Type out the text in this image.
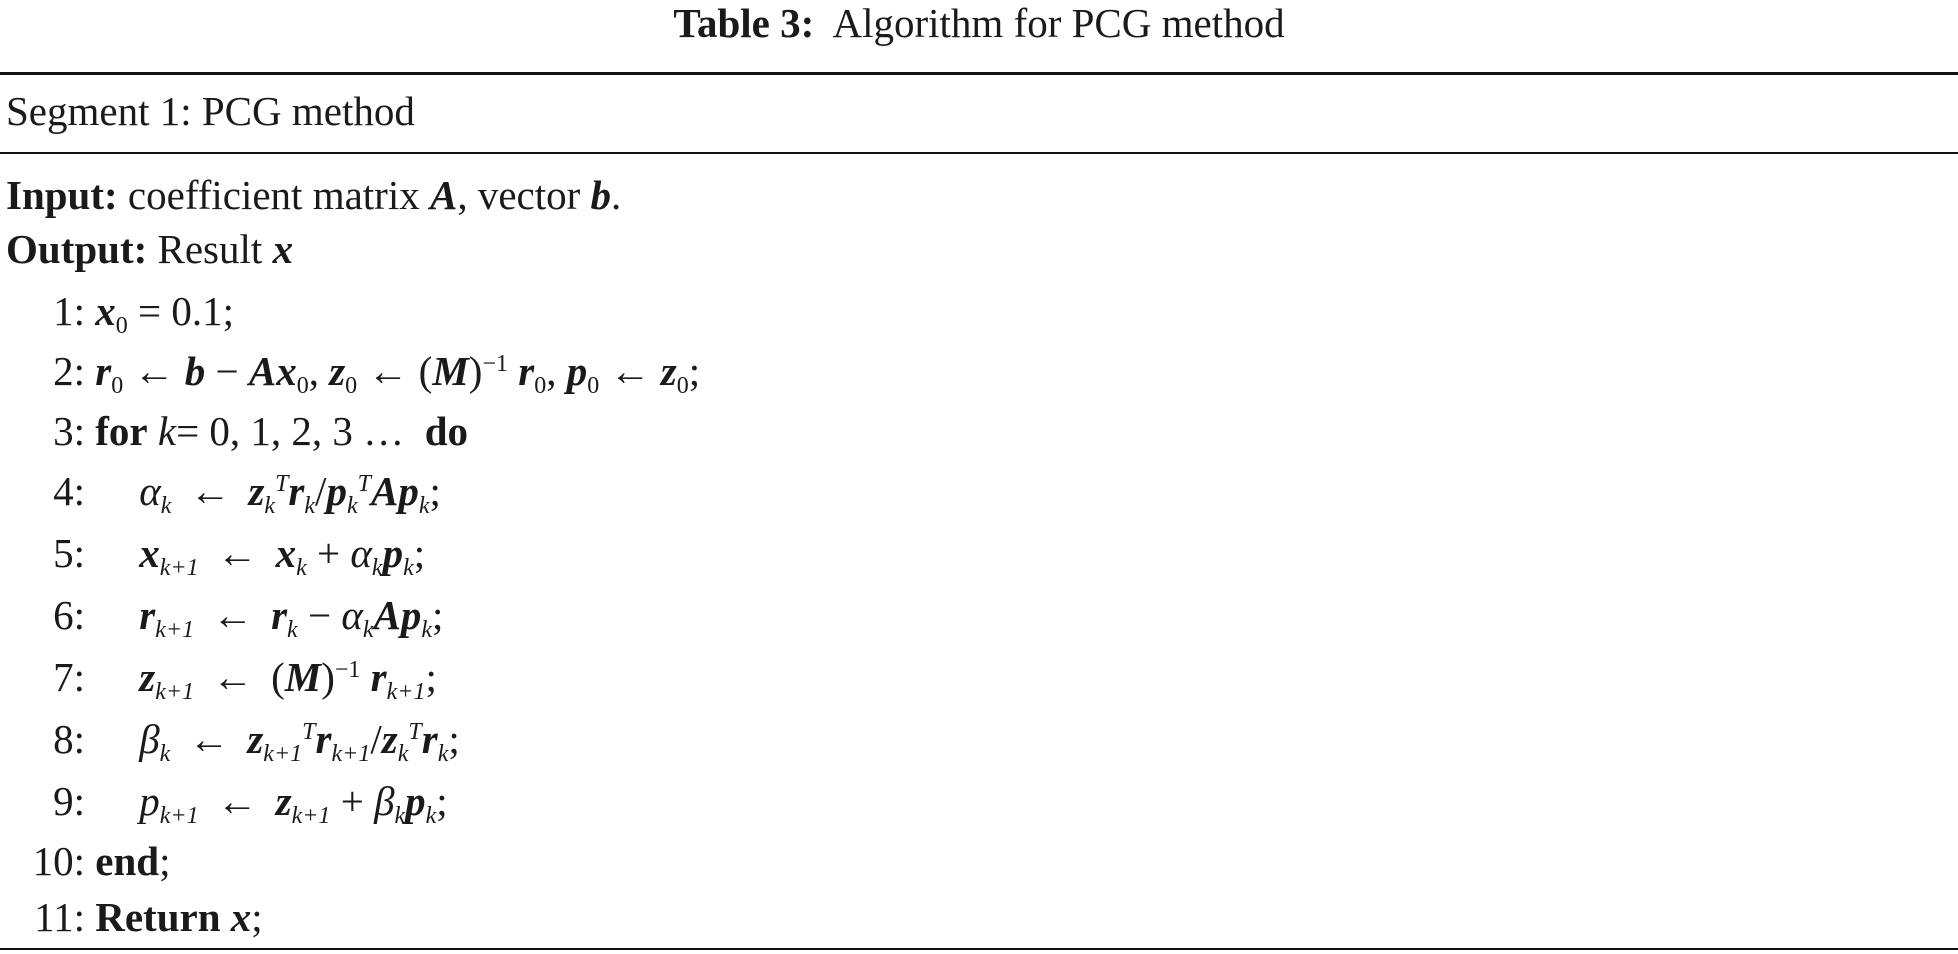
Table 3: Algorithm for PCG method
Segment 1: PCG method
Input: coefficient matrix A, vector b.
Output: Result x
1: $x_0 = 0.1$;
2: $r_0$ ← $b - Ax_0$, $z_0$ ← $(M)^{-1}$ $r_0$, $p_0$ ← $z_0$;
3: for k= 0, 1, 2, 3 …  do
4: $\alpha_k$ ← $z_k^Tr_k/p_k^TAp_k$;
5: $x_{k+1}$ ← $x_k + \alpha_kp_k$;
6: $r_{k+1}$ ← $r_k - \alpha_kAp_k$;
7: $z_{k+1}$ ← $(M)^{-1}$ $r_{k+1}$;
8: $\beta_k$ ← $z_{k+1}^Tr_{k+1}/z_k^Tr_k$;
9: $p_{k+1}$ ← $z_{k+1} + \beta_kp_k$;
10: end;
11: Return x;
